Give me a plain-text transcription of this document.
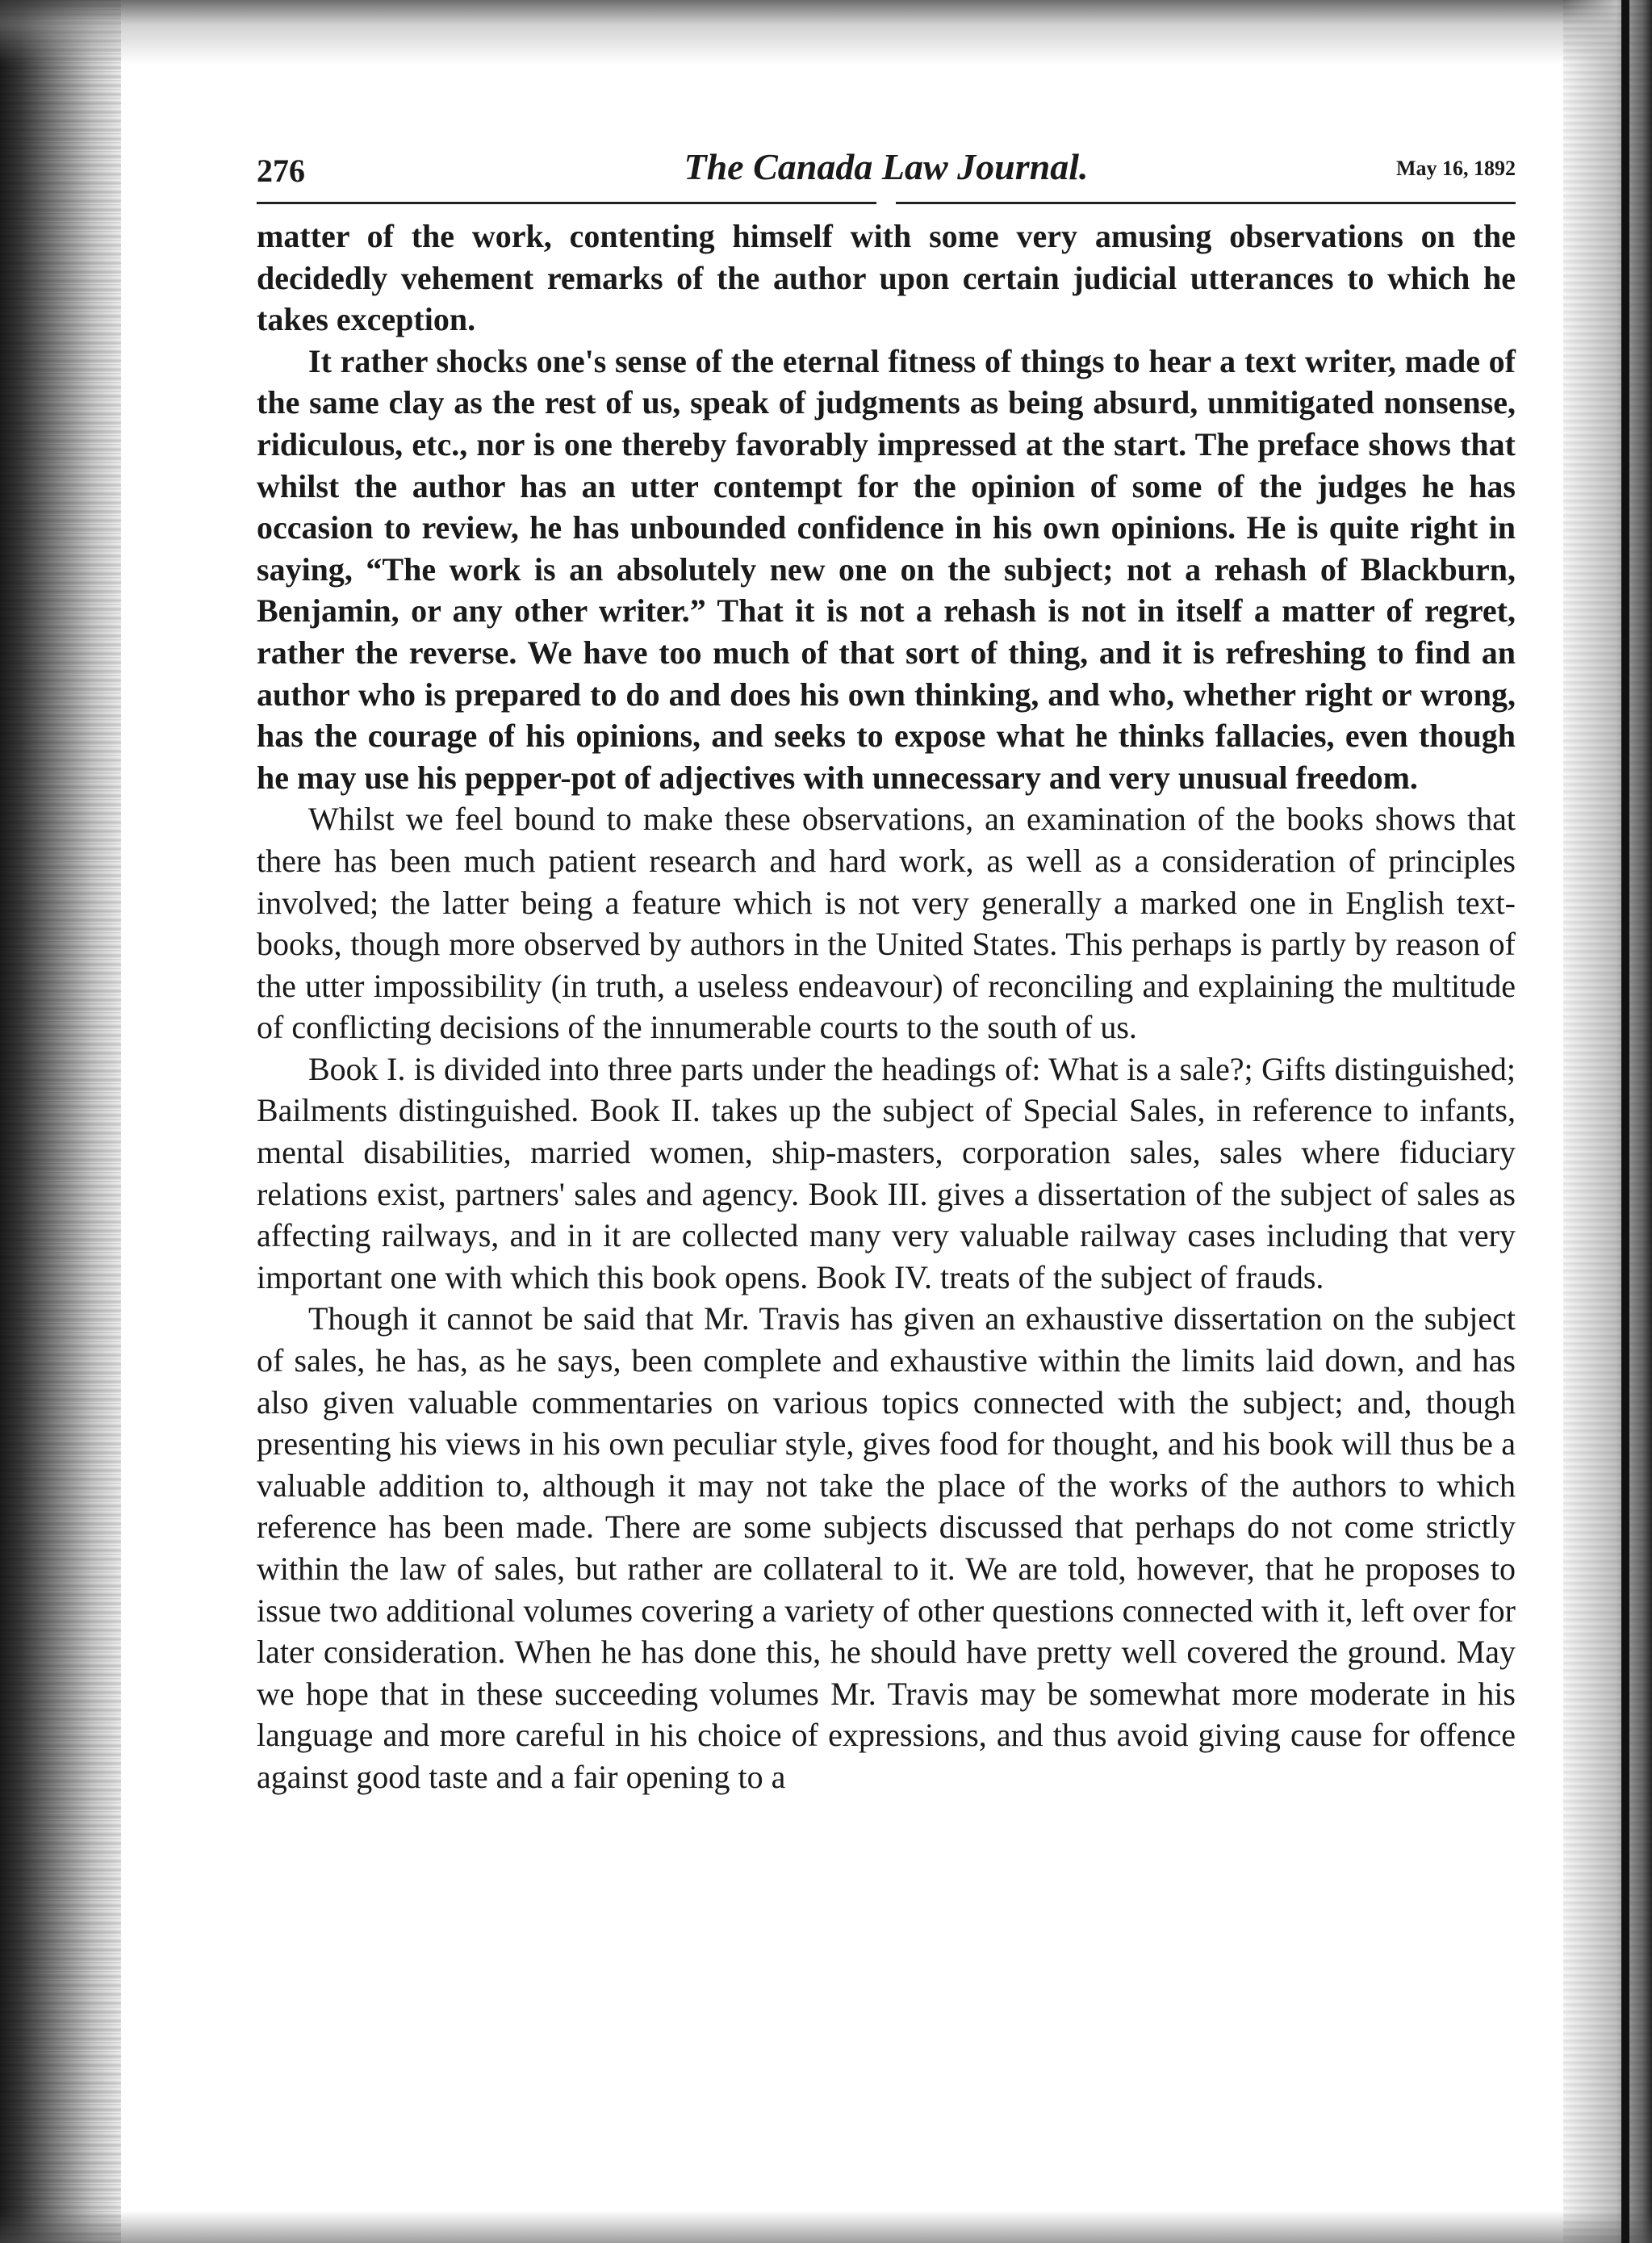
276	The Canada Law Journal.	May 16, 1892

matter of the work, contenting himself with some very amusing observations on the decidedly vehement remarks of the author upon certain judicial utterances to which he takes exception.

It rather shocks one's sense of the eternal fitness of things to hear a text writer, made of the same clay as the rest of us, speak of judgments as being absurd, unmitigated nonsense, ridiculous, etc., nor is one thereby favorably impressed at the start. The preface shows that whilst the author has an utter contempt for the opinion of some of the judges he has occasion to review, he has unbounded confidence in his own opinions. He is quite right in saying, “The work is an absolutely new one on the subject; not a rehash of Blackburn, Benjamin, or any other writer.” That it is not a rehash is not in itself a matter of regret, rather the reverse. We have too much of that sort of thing, and it is refreshing to find an author who is prepared to do and does his own thinking, and who, whether right or wrong, has the courage of his opinions, and seeks to expose what he thinks fallacies, even though he may use his pepper-pot of adjectives with unnecessary and very unusual freedom.

Whilst we feel bound to make these observations, an examination of the books shows that there has been much patient research and hard work, as well as a consideration of principles involved; the latter being a feature which is not very generally a marked one in English text-books, though more observed by authors in the United States. This perhaps is partly by reason of the utter impossibility (in truth, a useless endeavour) of reconciling and explaining the multitude of conflicting decisions of the innumerable courts to the south of us.

Book I. is divided into three parts under the headings of: What is a sale?; Gifts distinguished; Bailments distinguished. Book II. takes up the subject of Special Sales, in reference to infants, mental disabilities, married women, ship-masters, corporation sales, sales where fiduciary relations exist, partners' sales and agency. Book III. gives a dissertation of the subject of sales as affecting railways, and in it are collected many very valuable railway cases including that very important one with which this book opens. Book IV. treats of the subject of frauds.

Though it cannot be said that Mr. Travis has given an exhaustive dissertation on the subject of sales, he has, as he says, been complete and exhaustive within the limits laid down, and has also given valuable commentaries on various topics connected with the subject; and, though presenting his views in his own peculiar style, gives food for thought, and his book will thus be a valuable addition to, although it may not take the place of the works of the authors to which reference has been made. There are some subjects discussed that perhaps do not come strictly within the law of sales, but rather are collateral to it. We are told, however, that he proposes to issue two additional volumes covering a variety of other questions connected with it, left over for later consideration. When he has done this, he should have pretty well covered the ground. May we hope that in these succeeding volumes Mr. Travis may be somewhat more moderate in his language and more careful in his choice of expressions, and thus avoid giving cause for offence against good taste and a fair opening to a
